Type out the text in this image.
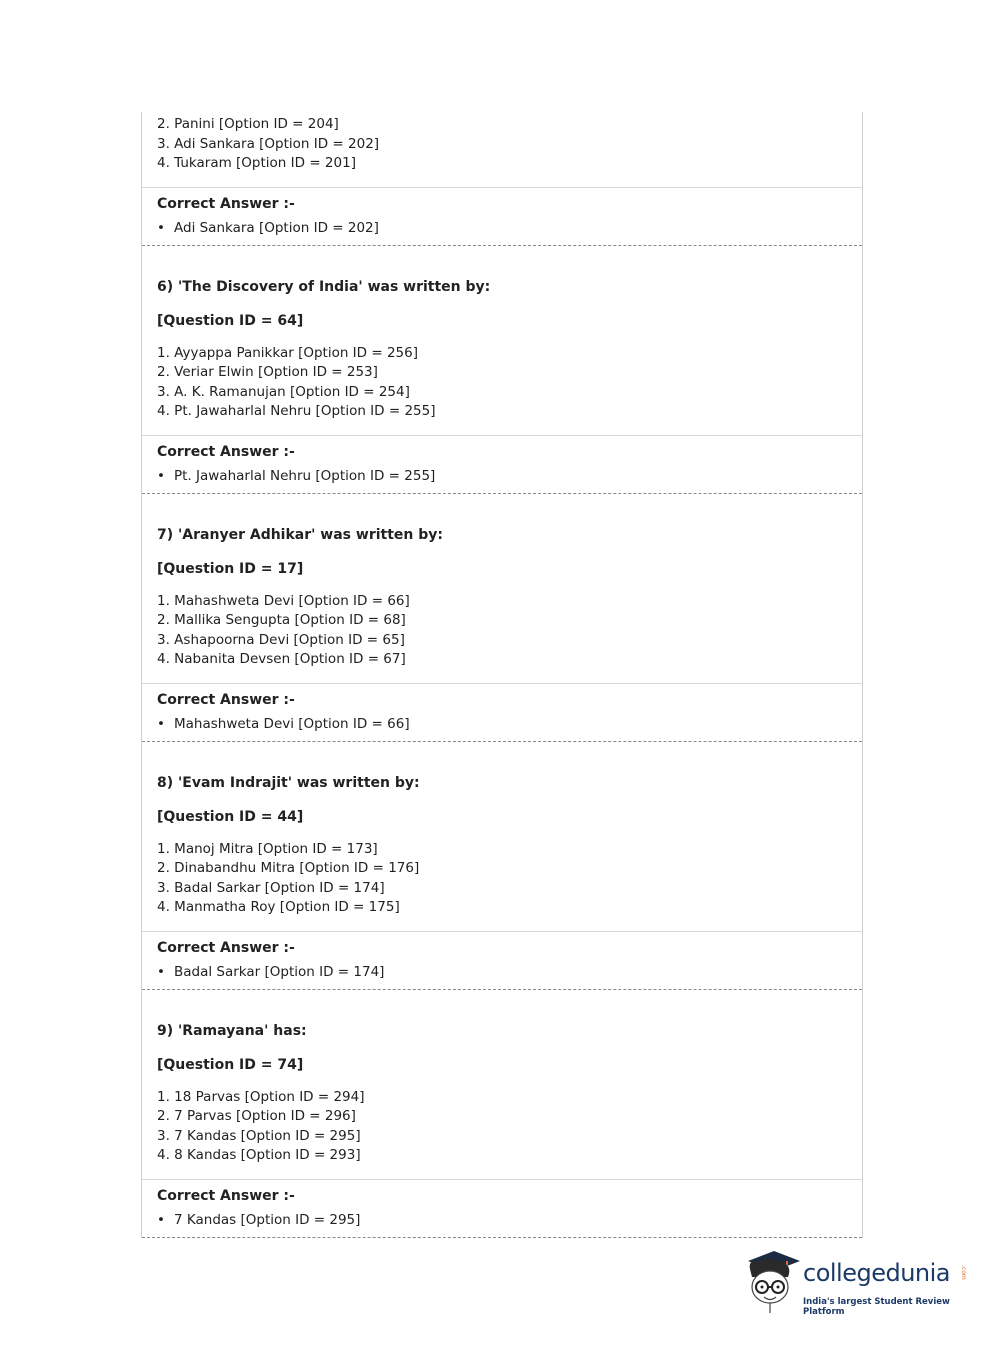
2. Panini [Option ID = 204]
3. Adi Sankara [Option ID = 202]
4. Tukaram [Option ID = 201]
Correct Answer :-
• Adi Sankara [Option ID = 202]
6) 'The Discovery of India' was written by:
[Question ID = 64]
1. Ayyappa Panikkar [Option ID = 256]
2. Veriar Elwin [Option ID = 253]
3. A. K. Ramanujan [Option ID = 254]
4. Pt. Jawaharlal Nehru [Option ID = 255]
Correct Answer :-
• Pt. Jawaharlal Nehru [Option ID = 255]
7) 'Aranyer Adhikar' was written by:
[Question ID = 17]
1. Mahashweta Devi [Option ID = 66]
2. Mallika Sengupta [Option ID = 68]
3. Ashapoorna Devi [Option ID = 65]
4. Nabanita Devsen [Option ID = 67]
Correct Answer :-
• Mahashweta Devi [Option ID = 66]
8) 'Evam Indrajit' was written by:
[Question ID = 44]
1. Manoj Mitra [Option ID = 173]
2. Dinabandhu Mitra [Option ID = 176]
3. Badal Sarkar [Option ID = 174]
4. Manmatha Roy [Option ID = 175]
Correct Answer :-
• Badal Sarkar [Option ID = 174]
9) 'Ramayana' has:
[Question ID = 74]
1. 18 Parvas [Option ID = 294]
2. 7 Parvas [Option ID = 296]
3. 7 Kandas [Option ID = 295]
4. 8 Kandas [Option ID = 293]
Correct Answer :-
• 7 Kandas [Option ID = 295]
collegedunia .com
India's largest Student Review Platform
